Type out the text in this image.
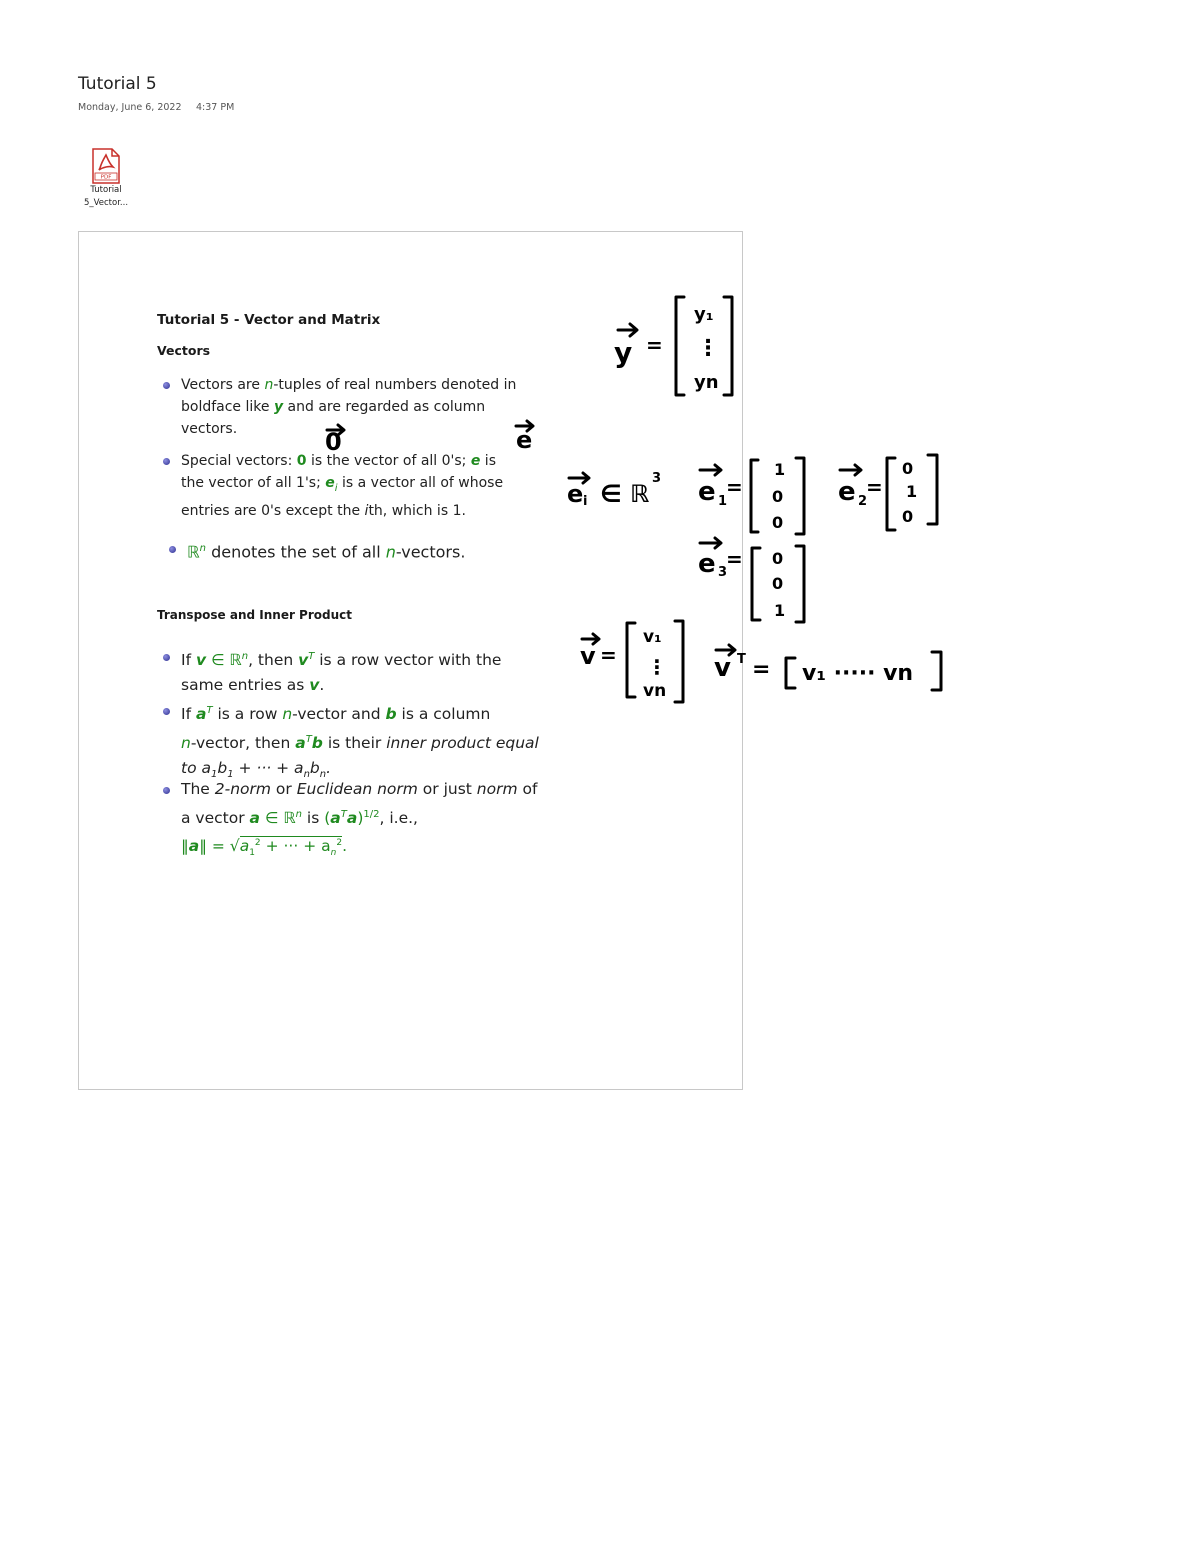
Tutorial 5
Monday, June 6, 2022 4:37 PM
PDF
Tutorial
5_Vector...
Tutorial 5 - Vector and Matrix
Vectors
Vectors are n-tuples of real numbers denoted in
boldface like y and are regarded as column
vectors.
Special vectors: 0 is the vector of all 0's; e is
the vector of all 1's; $e_i$ is a vector all of whose
entries are 0's except the ith, which is 1.
ℝ$^n$ denotes the set of all n-vectors.
Transpose and Inner Product
If v ∈ ℝ$^n$, then $v^T$ is a row vector with the
same entries as v.
If $a^T$ is a row n-vector and b is a column
n-vector, then $a^Tb$ is their inner product equal
to $a_1b_1$ + ··· + $a_nb_n$.
The 2-norm or Euclidean norm or just norm of
a vector a ∈ ℝ$^n$ is $(a^Ta)^{1/2}$, i.e.,
‖a‖ = $√a_1^2$ + ··· + $a_n^2$.
y =
y₁
⋮
yn
0	e
e i ∈ ℝ
3 e 1
=
1
0
0
e 2
=
0
1
0
e 3
= 0
0
1
v =
v₁
⋮
vn
v T = v₁ ····· vn
